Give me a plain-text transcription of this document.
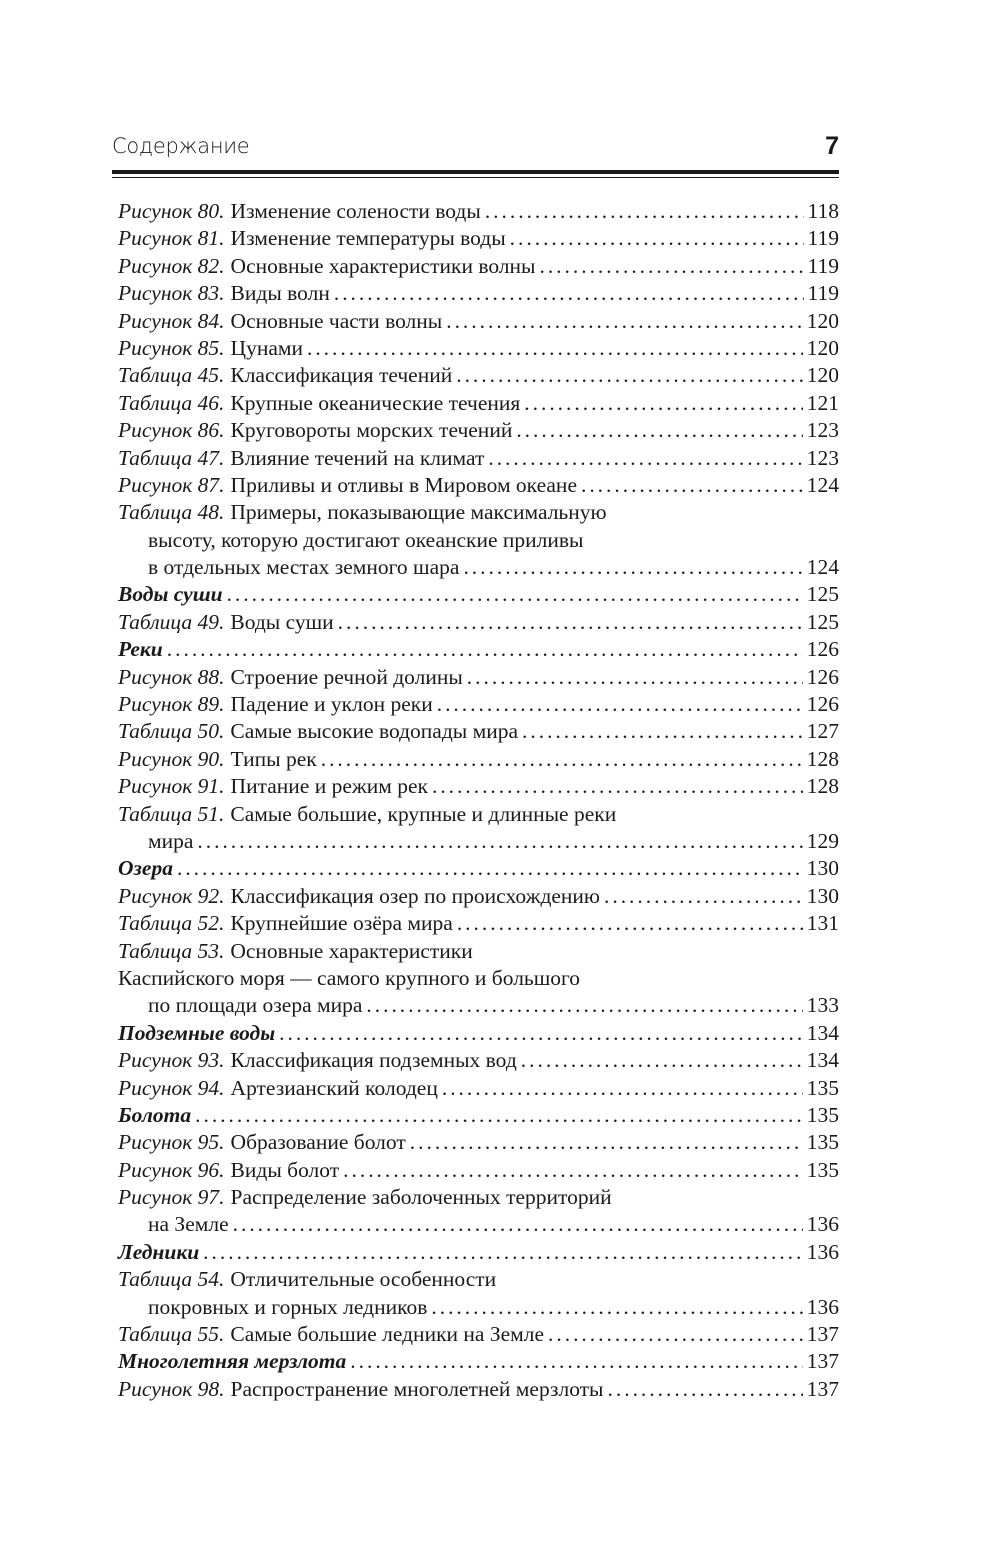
Содержание	7
Рисунок 80. Изменение солености воды . . .	118
Рисунок 81. Изменение температуры воды . . .	119
Рисунок 82. Основные характеристики волны . . .	119
Рисунок 83. Виды волн . . .	119
Рисунок 84. Основные части волны . . .	120
Рисунок 85. Цунами . . .	120
Таблица 45. Классификация течений . . .	120
Таблица 46. Крупные океанические течения . . .	121
Рисунок 86. Круговороты морских течений . . .	123
Таблица 47. Влияние течений на климат . . .	123
Рисунок 87. Приливы и отливы в Мировом океане . . .	124
Таблица 48. Примеры, показывающие максимальную
высоту, которую достигают океанские приливы
в отдельных местах земного шара . . .	124
Воды суши . . .	125
Таблица 49. Воды суши . . .	125
Реки . . .	126
Рисунок 88. Строение речной долины . . .	126
Рисунок 89. Падение и уклон реки . . .	126
Таблица 50. Самые высокие водопады мира . . .	127
Рисунок 90. Типы рек . . .	128
Рисунок 91. Питание и режим рек . . .	128
Таблица 51. Самые большие, крупные и длинные реки
мира . . .	129
Озера . . .	130
Рисунок 92. Классификация озер по происхождению . . .	130
Таблица 52. Крупнейшие озёра мира . . .	131
Таблица 53. Основные характеристики
Каспийского моря — самого крупного и большого
по площади озера мира . . .	133
Подземные воды . . .	134
Рисунок 93. Классификация подземных вод . . .	134
Рисунок 94. Артезианский колодец . . .	135
Болота . . .	135
Рисунок 95. Образование болот . . .	135
Рисунок 96. Виды болот . . .	135
Рисунок 97. Распределение заболоченных территорий
на Земле . . .	136
Ледники . . .	136
Таблица 54. Отличительные особенности
покровных и горных ледников . . .	136
Таблица 55. Самые большие ледники на Земле . . .	137
Многолетняя мерзлота . . .	137
Рисунок 98. Распространение многолетней мерзлоты . . .	137
